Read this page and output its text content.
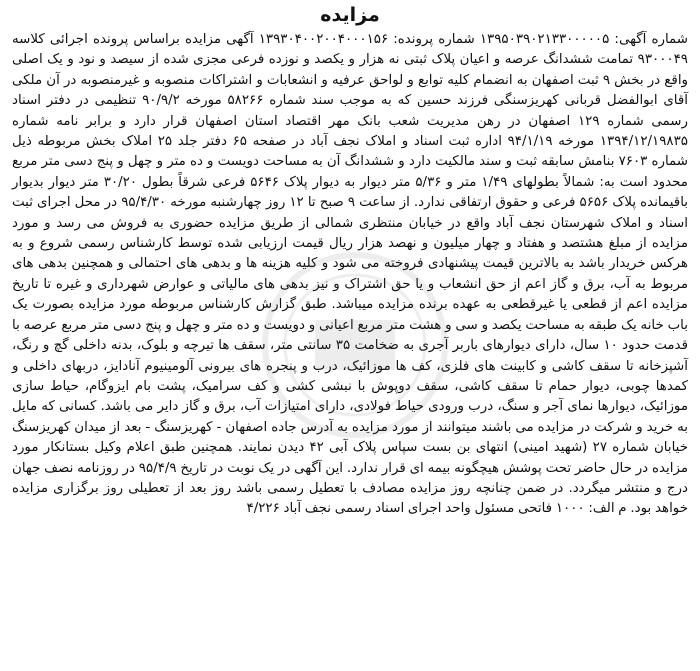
مزایده

شماره آگهی: ۱۳۹۵۰۳۹۰۲۱۳۳۰۰۰۰۰۵ شماره پرونده: ۱۳۹۳۰۴۰۰۲۰۰۴۰۰۰۱۵۶ آگهی مزایده براساس پرونده اجرائی کلاسه ۹۳۰۰۰۴۹ تمامت ششدانگ عرصه و اعیان پلاک ثبتی نه هزار و یکصد و نوزده فرعی مجزی شده از سیصد و نود و یک اصلی واقع در بخش ۹ ثبت اصفهان به انضمام کلیه توابع و لواحق عرفیه و انشعابات و اشتراکات منصوبه و غیرمنصوبه در آن ملکی آقای ابوالفضل قربانی کهریزسنگی فرزند حسین که به موجب سند شماره ۵۸۲۶۶ مورخه ۹۰/۹/۲ تنظیمی در دفتر اسناد رسمی شماره ۱۲۹ اصفهان در رهن مدیریت شعب بانک مهر اقتصاد استان اصفهان قرار دارد و برابر نامه شماره ۱۳۹۴/۱۲/۱۹۸۳۵ مورخه ۹۴/۱/۱۹ اداره ثبت اسناد و املاک نجف آباد در صفحه ۶۵ دفتر جلد ۲۵ املاک بخش مربوطه ذیل شماره ۷۶۰۳ بنامش سابقه ثبت و سند مالکیت دارد و ششدانگ آن به مساحت دویست و ده متر و چهل و پنج دسی متر مربع محدود است به: شمالاً بطولهای ۱/۴۹ متر و ۵/۳۶ متر دیوار به دیوار پلاک ۵۶۴۶ فرعی شرقاً بطول ۳۰/۲۰ متر دیوار بدیوار باقیمانده پلاک ۵۶۵۶ فرعی و حقوق ارتفاقی ندارد. از ساعت ۹ صبح تا ۱۲ روز چهارشنبه مورخه ۹۵/۴/۳۰ در محل اجرای ثبت اسناد و املاک شهرستان نجف آباد واقع در خیابان منتظری شمالی از طریق مزایده حضوری به فروش می رسد و مورد مزایده از مبلغ هشتصد و هفتاد و چهار میلیون و نهصد هزار ریال قیمت ارزیابی شده توسط کارشناس رسمی شروع و به هرکس خریدار باشد به بالاترین قیمت پیشنهادی فروخته می شود و کلیه هزینه ها و بدهی های احتمالی و همچنین بدهی های مربوط به آب، برق و گاز اعم از حق انشعاب و یا حق اشتراک و نیز بدهی های مالیاتی و عوارض شهرداری و غیره تا تاریخ مزایده اعم از قطعی یا غیرقطعی به عهده برنده مزایده میباشد. طبق گزارش کارشناس مربوطه مورد مزایده بصورت یک باب خانه یک طبقه به مساحت یکصد و سی و هشت متر مربع اعیانی و دویست و ده متر و چهل و پنج دسی متر مربع عرصه با قدمت حدود ۱۰ سال، دارای دیوارهای باربر آجری به ضخامت ۳۵ سانتی متر، سقف ها تیرچه و بلوک، بدنه داخلی گچ و رنگ، آشپزخانه تا سقف کاشی و کابینت های فلزی، کف ها موزائیک، درب و پنجره های بیرونی آلومینیوم آنادایز، دربهای داخلی و کمدها چوبی، دیوار حمام تا سقف کاشی، سقف دوپوش با نبشی کشی و کف سرامیک، پشت بام ایزوگام، حیاط سازی موزائیک، دیوارها نمای آجر و سنگ، درب ورودی حیاط فولادی، دارای امتیازات آب، برق و گاز دایر می باشد. کسانی که مایل به خرید و شرکت در مزایده می باشند میتوانند از مورد مزایده به آدرس جاده اصفهان - کهریزسنگ - بعد از میدان کهریزسنگ خیابان شماره ۲۷ (شهید امینی) انتهای بن بست سپاس پلاک آبی ۴۲ دیدن نمایند. همچنین طبق اعلام وکیل بستانکار مورد مزایده در حال حاضر تحت پوشش هیچگونه بیمه ای قرار ندارد. این آگهی در یک نوبت در تاریخ ۹۵/۴/۹ در روزنامه نصف جهان درج و منتشر میگردد. در ضمن چنانچه روز مزایده مصادف با تعطیل رسمی باشد روز بعد از تعطیلی روز برگزاری مزایده خواهد بود. م الف: ۱۰۰۰ فاتحی مسئول واحد اجرای اسناد رسمی نجف آباد ۴/۲۲۶
